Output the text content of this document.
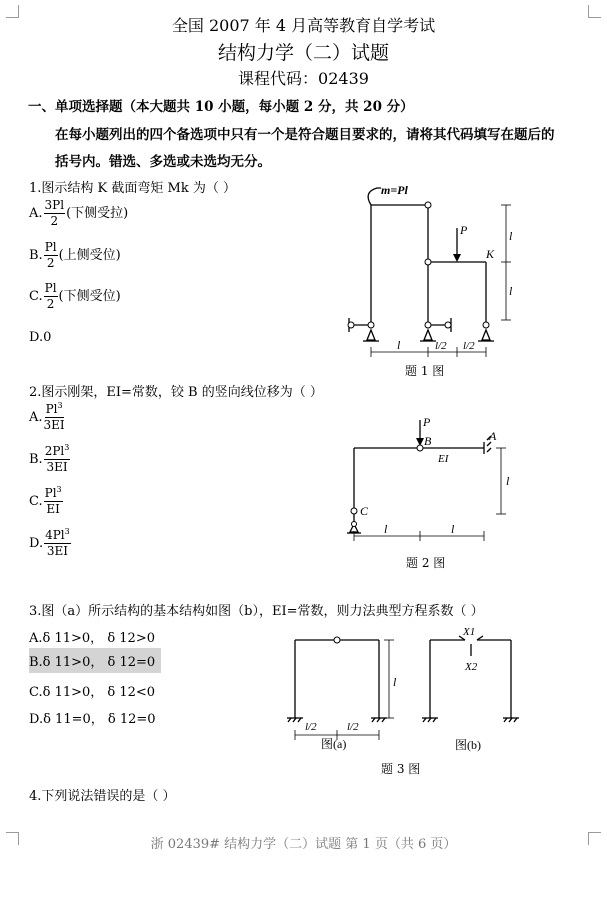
全国 2007 年 4 月高等教育自学考试
结构力学（二）试题
课程代码：02439
一、单项选择题（本大题共 10 小题，每小题 2 分，共 20 分）
在每小题列出的四个备选项中只有一个是符合题目要求的，请将其代码填写在题后的
括号内。错选、多选或未选均无分。
1.图示结构 K 截面弯矩 Mk 为（ ）
A. $\frac{3Pl}{2}$ (下侧受拉)
B. $\frac{Pl}{2}$ (上侧受位)
C. $\frac{Pl}{2}$ (下侧受位)
D.0
m=Pl
P
K
l
l
l	l/2 l/2
题 1 图
2.图示刚架，EI=常数，铰 B 的竖向线位移为（ ）
A. $\frac{Pl^3}{3EI}$
B. $\frac{2Pl^3}{3EI}$
C. $\frac{Pl^3}{EI}$
D. $\frac{4Pl^3}{3EI}$
P
B	A
EI
C
l
l	l
题 2 图
3.图（a）所示结构的基本结构如图（b），EI=常数，则力法典型方程系数（ ）
A.δ 11>0， δ 12>0
B.δ 11>0， δ 12=0
C.δ 11>0， δ 12<0
D.δ 11=0， δ 12=0	l/2	l/2
l
X1
X2
图(a)	图(b)
题 3 图
4.下列说法错误的是（ ）
浙 02439# 结构力学（二）试题 第 1 页（共 6 页）
